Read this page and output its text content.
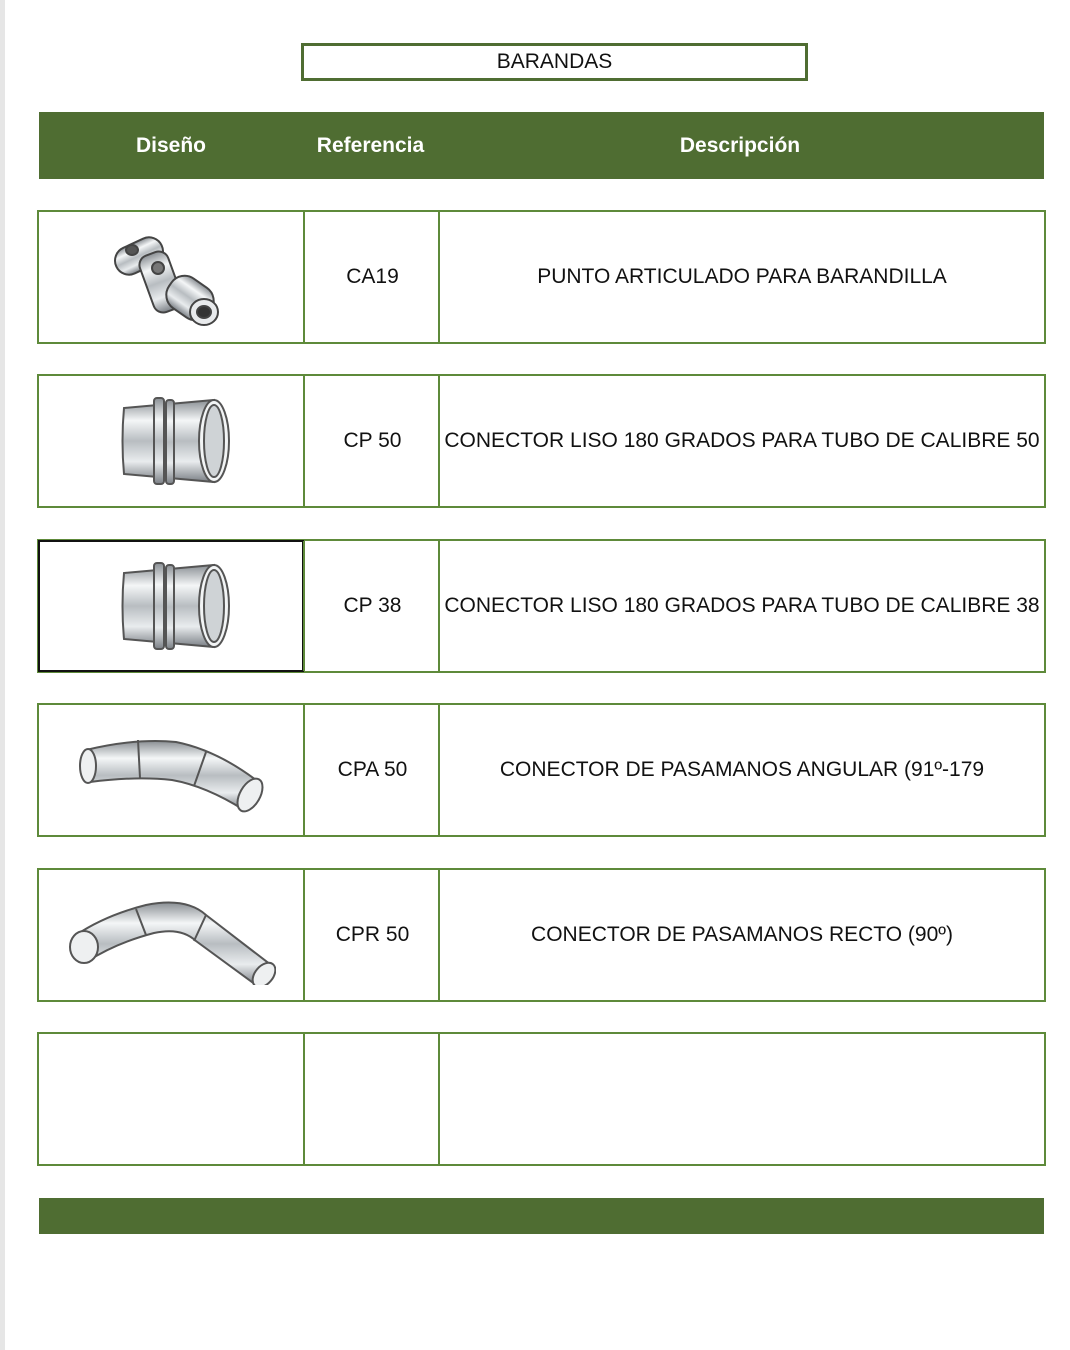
BARANDAS
Diseño	Referencia	Descripción
CA19	PUNTO ARTICULADO PARA BARANDILLA
CP 50	CONECTOR LISO 180 GRADOS PARA TUBO DE CALIBRE 50
CP 38	CONECTOR LISO 180 GRADOS PARA TUBO DE CALIBRE 38
CPA 50	CONECTOR DE PASAMANOS ANGULAR (91º-179
CPR 50	CONECTOR DE PASAMANOS RECTO (90º)
